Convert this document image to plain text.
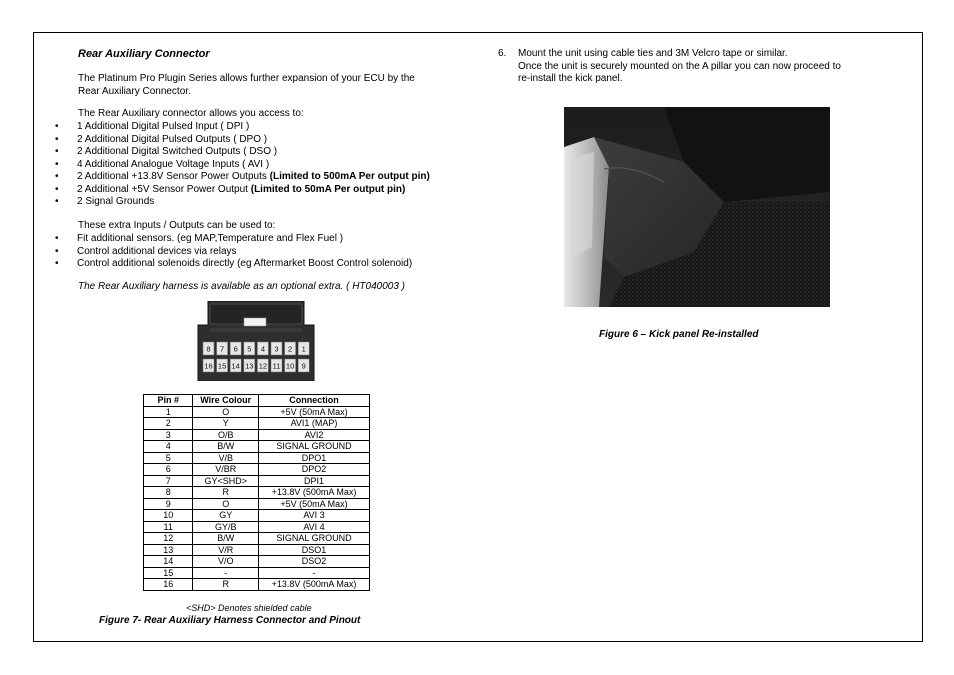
Rear Auxiliary Connector
The Platinum Pro Plugin Series allows further expansion of your ECU by the
Rear Auxiliary Connector.
The Rear Auxiliary connector allows you access to:
• 1 Additional Digital Pulsed Input ( DPI )
• 2 Additional Digital Pulsed Outputs ( DPO )
• 2 Additional Digital Switched Outputs ( DSO )
• 4 Additional Analogue Voltage Inputs ( AVI )
• 2 Additional +13.8V Sensor Power Outputs (Limited to 500mA Per output pin)
• 2 Additional +5V Sensor Power Output (Limited to 50mA Per output pin)
• 2 Signal Grounds
These extra Inputs / Outputs can be used to:
• Fit additional sensors. (eg MAP,Temperature and Flex Fuel )
• Control additional devices via relays
• Control additional solenoids directly (eg Aftermarket Boost Control solenoid)
The Rear Auxiliary harness is available as an optional extra. ( HT040003 )
8 7 6 5 4 3 2 1
16 15 14 13 12 11 10 9
Pin #	Wire Colour	Connection
1	O	+5V (50mA Max)
2	Y	AVI1 (MAP)
3	O/B	AVI2
4	B/W	SIGNAL GROUND
5	V/B	DPO1
6	V/BR	DPO2
7	GY<SHD>	DPI1
8	R	+13.8V (500mA Max)
9	O	+5V (50mA Max)
10	GY	AVI 3
11	GY/B	AVI 4
12	B/W	SIGNAL GROUND
13	V/R	DSO1
14	V/O	DSO2
15	-	-
16	R	+13.8V (500mA Max)
<SHD> Denotes shielded cable
Figure 7- Rear Auxiliary Harness Connector and Pinout
6. Mount the unit using cable ties and 3M Velcro tape or similar.
Once the unit is securely mounted on the A pillar you can now proceed to
re-install the kick panel.
Figure 6 – Kick panel Re-installed
